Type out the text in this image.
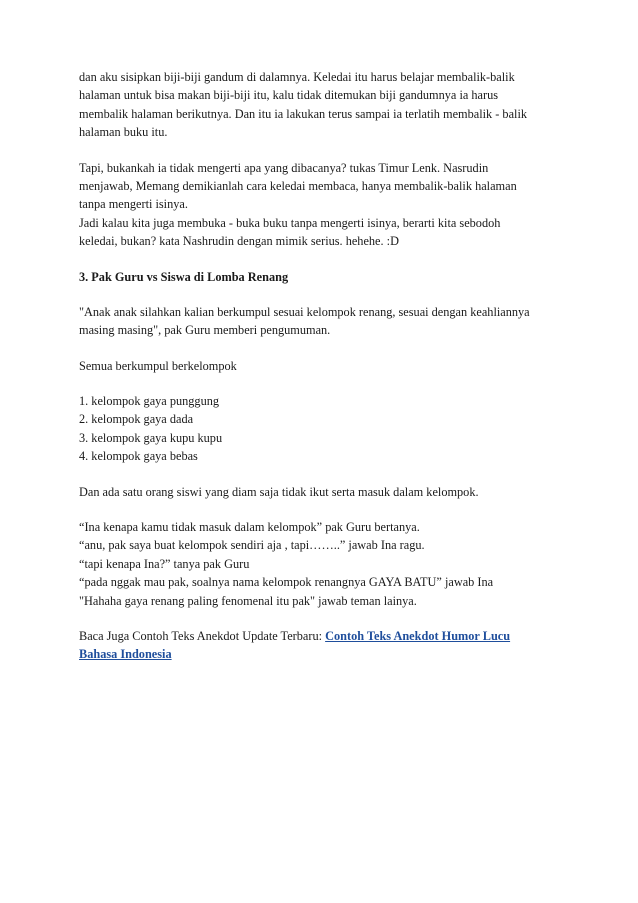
dan aku sisipkan biji-biji gandum di dalamnya. Keledai itu harus belajar membalik-balik
halaman untuk bisa makan biji-biji itu, kalu tidak ditemukan biji gandumnya ia harus
membalik halaman berikutnya. Dan itu ia lakukan terus sampai ia terlatih membalik - balik
halaman buku itu.
Tapi, bukankah ia tidak mengerti apa yang dibacanya? tukas Timur Lenk. Nasrudin
menjawab, Memang demikianlah cara keledai membaca, hanya membalik-balik halaman
tanpa mengerti isinya.
Jadi kalau kita juga membuka - buka buku tanpa mengerti isinya, berarti kita sebodoh
keledai, bukan? kata Nashrudin dengan mimik serius. hehehe. :D
3. Pak Guru vs Siswa di Lomba Renang
"Anak anak silahkan kalian berkumpul sesuai kelompok renang, sesuai dengan keahliannya
masing masing", pak Guru memberi pengumuman.
Semua berkumpul berkelompok
1. kelompok gaya punggung
2. kelompok gaya dada
3. kelompok gaya kupu kupu
4. kelompok gaya bebas
Dan ada satu orang siswi yang diam saja tidak ikut serta masuk dalam kelompok.
“Ina kenapa kamu tidak masuk dalam kelompok” pak Guru bertanya.
“anu, pak saya buat kelompok sendiri aja , tapi……..” jawab Ina ragu.
“tapi kenapa Ina?” tanya pak Guru
“pada nggak mau pak, soalnya nama kelompok renangnya GAYA BATU” jawab Ina
"Hahaha gaya renang paling fenomenal itu pak" jawab teman lainya.
Baca Juga Contoh Teks Anekdot Update Terbaru: Contoh Teks Anekdot Humor Lucu
Bahasa Indonesia
